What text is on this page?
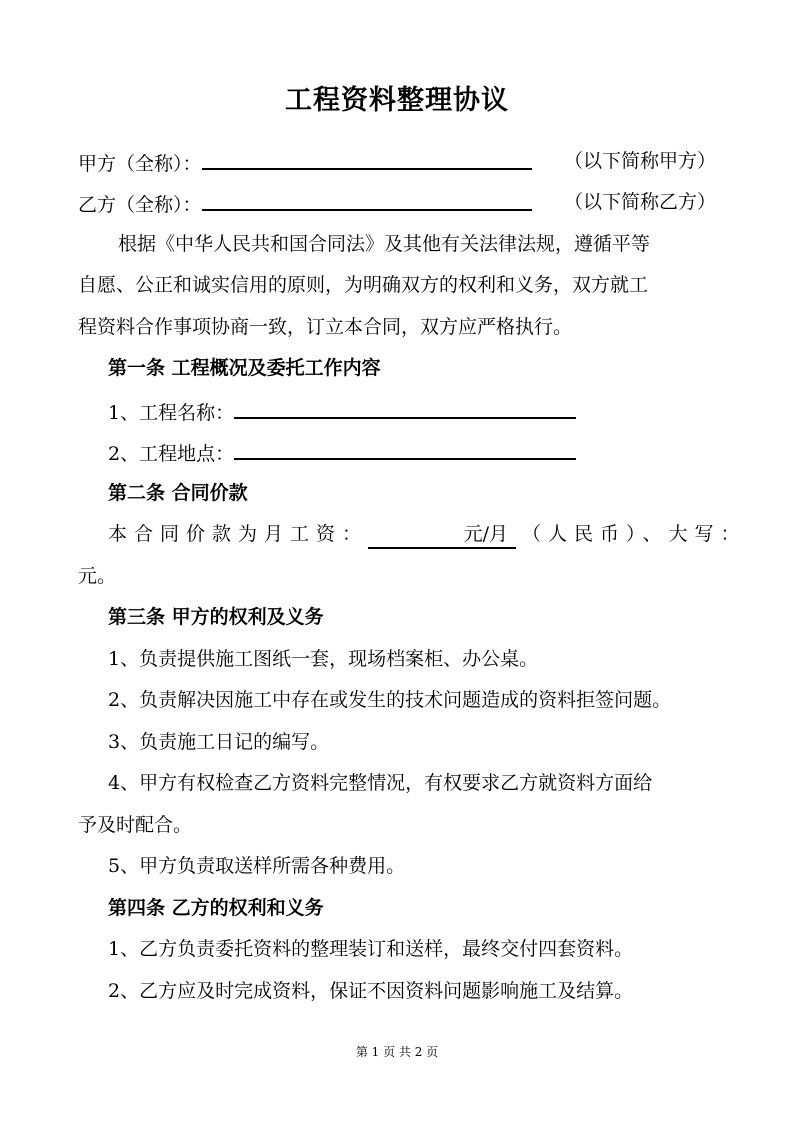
工程资料整理协议
甲方（全称）：	（以下简称甲方）
乙方（全称）：	（以下简称乙方）
根据《中华人民共和国合同法》及其他有关法律法规，遵循平等
自愿、公正和诚实信用的原则，为明确双方的权利和义务，双方就工
程资料合作事项协商一致，订立本合同，双方应严格执行。
第一条 工程概况及委托工作内容
1、工程名称：
2、工程地点：
第二条 合同价款
本合同价款为月工资：	元/月 （人民币）、大写：
元。
第三条 甲方的权利及义务
1、负责提供施工图纸一套，现场档案柜、办公桌。
2、负责解决因施工中存在或发生的技术问题造成的资料拒签问题。
3、负责施工日记的编写。
4、甲方有权检查乙方资料完整情况，有权要求乙方就资料方面给
予及时配合。
5、甲方负责取送样所需各种费用。
第四条 乙方的权利和义务
1、乙方负责委托资料的整理装订和送样，最终交付四套资料。
2、乙方应及时完成资料，保证不因资料问题影响施工及结算。
第 1 页 共 2 页
